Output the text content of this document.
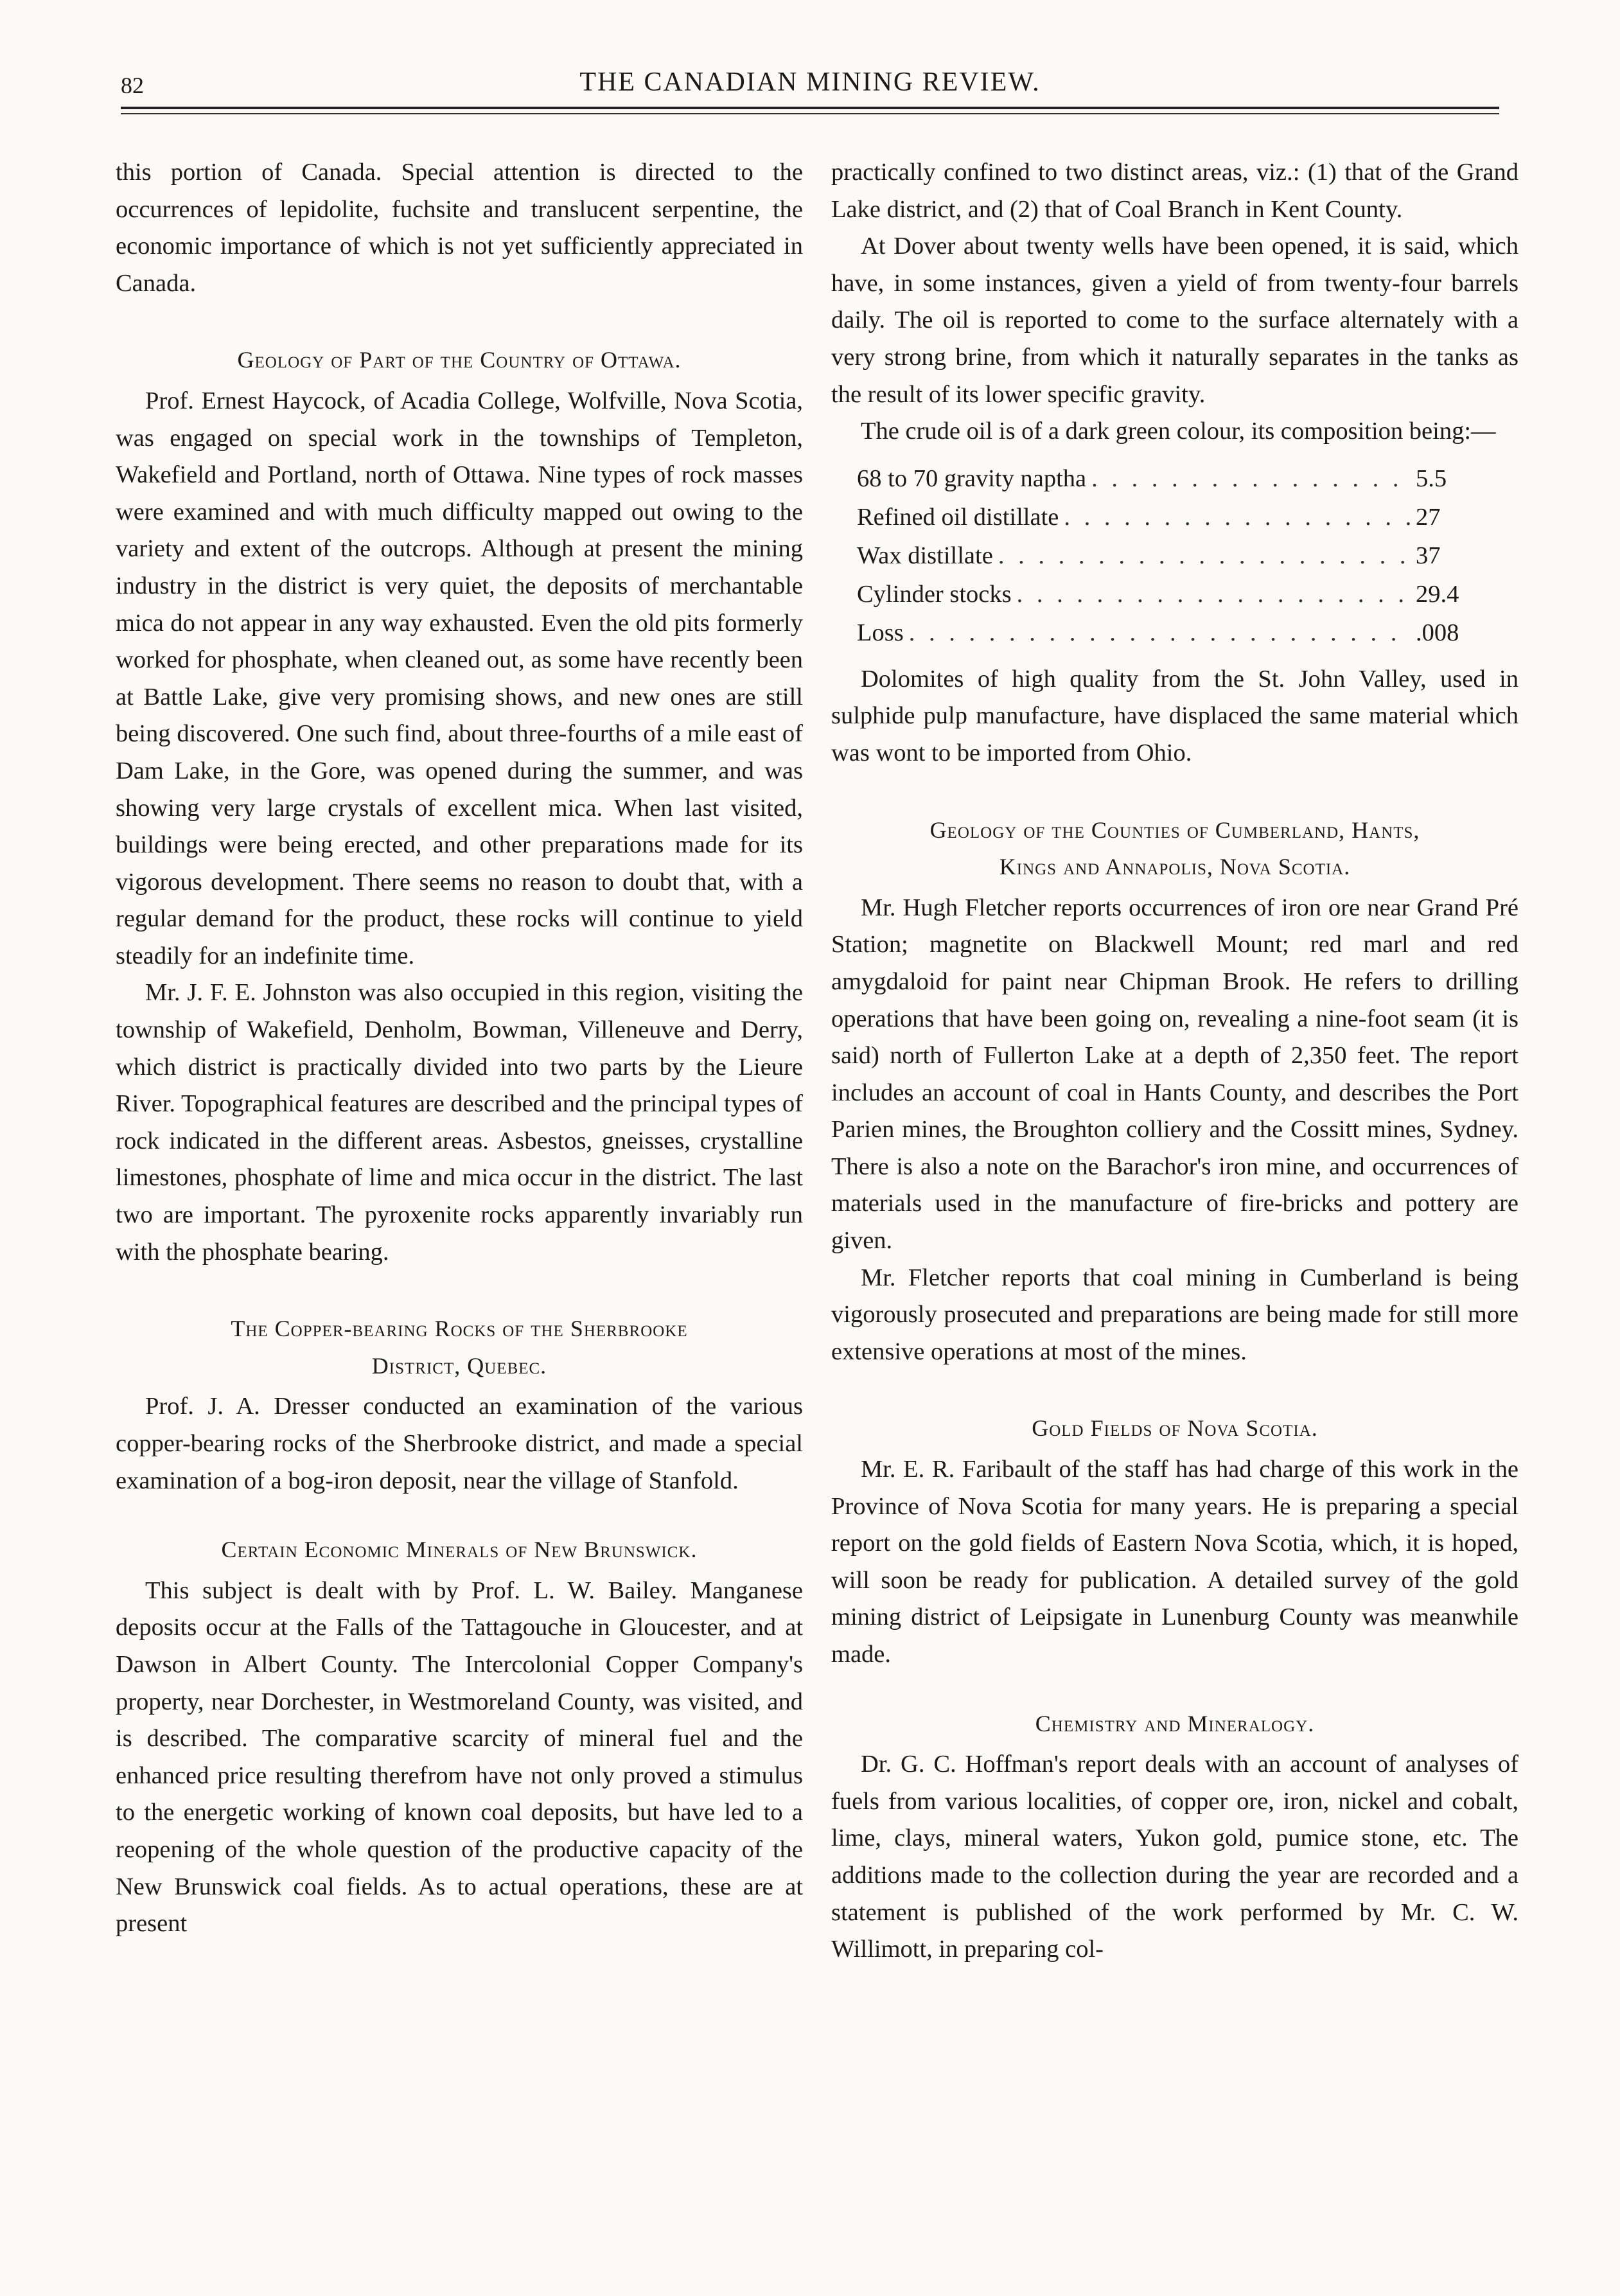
82	THE CANADIAN MINING REVIEW.

this portion of Canada. Special attention is directed to the occurrences of lepidolite, fuchsite and translucent serpentine, the economic importance of which is not yet sufficiently appreciated in Canada.

Geology of Part of the Country of Ottawa.

Prof. Ernest Haycock, of Acadia College, Wolfville, Nova Scotia, was engaged on special work in the townships of Templeton, Wakefield and Portland, north of Ottawa. Nine types of rock masses were examined and with much difficulty mapped out owing to the variety and extent of the outcrops. Although at present the mining industry in the district is very quiet, the deposits of merchantable mica do not appear in any way exhausted. Even the old pits formerly worked for phosphate, when cleaned out, as some have recently been at Battle Lake, give very promising shows, and new ones are still being discovered. One such find, about three-fourths of a mile east of Dam Lake, in the Gore, was opened during the summer, and was showing very large crystals of excellent mica. When last visited, buildings were being erected, and other preparations made for its vigorous development. There seems no reason to doubt that, with a regular demand for the product, these rocks will continue to yield steadily for an indefinite time.

Mr. J. F. E. Johnston was also occupied in this region, visiting the township of Wakefield, Denholm, Bowman, Villeneuve and Derry, which district is practically divided into two parts by the Lieure River. Topographical features are described and the principal types of rock indicated in the different areas. Asbestos, gneisses, crystalline limestones, phosphate of lime and mica occur in the district. The last two are important. The pyroxenite rocks apparently invariably run with the phosphate bearing.

The Copper-bearing Rocks of the Sherbrooke
District, Quebec.

Prof. J. A. Dresser conducted an examination of the various copper-bearing rocks of the Sherbrooke district, and made a special examination of a bog-iron deposit, near the village of Stanfold.

Certain Economic Minerals of New Brunswick.

This subject is dealt with by Prof. L. W. Bailey. Manganese deposits occur at the Falls of the Tattagouche in Gloucester, and at Dawson in Albert County. The Intercolonial Copper Company's property, near Dorchester, in Westmoreland County, was visited, and is described. The comparative scarcity of mineral fuel and the enhanced price resulting therefrom have not only proved a stimulus to the energetic working of known coal deposits, but have led to a reopening of the whole question of the productive capacity of the New Brunswick coal fields. As to actual operations, these are at present

practically confined to two distinct areas, viz.: (1) that of the Grand Lake district, and (2) that of Coal Branch in Kent County.

At Dover about twenty wells have been opened, it is said, which have, in some instances, given a yield of from twenty-four barrels daily. The oil is reported to come to the surface alternately with a very strong brine, from which it naturally separates in the tanks as the result of its lower specific gravity.

The crude oil is of a dark green colour, its composition being:—

68 to 70 gravity naptha . . .	5.5
Refined oil distillate . . .	27
Wax distillate . . .	37
Cylinder stocks . . .	29.4
Loss . . .	.008

Dolomites of high quality from the St. John Valley, used in sulphide pulp manufacture, have displaced the same material which was wont to be imported from Ohio.

Geology of the Counties of Cumberland, Hants,
Kings and Annapolis, Nova Scotia.

Mr. Hugh Fletcher reports occurrences of iron ore near Grand Pré Station; magnetite on Blackwell Mount; red marl and red amygdaloid for paint near Chipman Brook. He refers to drilling operations that have been going on, revealing a nine-foot seam (it is said) north of Fullerton Lake at a depth of 2,350 feet. The report includes an account of coal in Hants County, and describes the Port Parien mines, the Broughton colliery and the Cossitt mines, Sydney. There is also a note on the Barachor's iron mine, and occurrences of materials used in the manufacture of fire-bricks and pottery are given.

Mr. Fletcher reports that coal mining in Cumberland is being vigorously prosecuted and preparations are being made for still more extensive operations at most of the mines.

Gold Fields of Nova Scotia.

Mr. E. R. Faribault of the staff has had charge of this work in the Province of Nova Scotia for many years. He is preparing a special report on the gold fields of Eastern Nova Scotia, which, it is hoped, will soon be ready for publication. A detailed survey of the gold mining district of Leipsigate in Lunenburg County was meanwhile made.

Chemistry and Mineralogy.

Dr. G. C. Hoffman's report deals with an account of analyses of fuels from various localities, of copper ore, iron, nickel and cobalt, lime, clays, mineral waters, Yukon gold, pumice stone, etc. The additions made to the collection during the year are recorded and a statement is published of the work performed by Mr. C. W. Willimott, in preparing col-
